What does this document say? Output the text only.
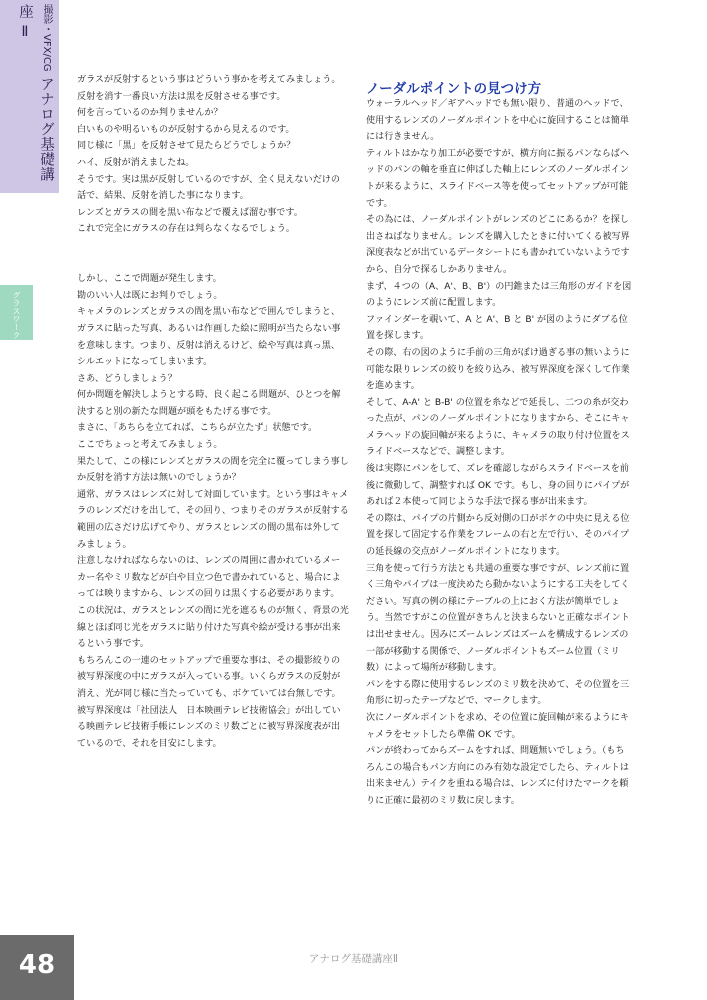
撮影・VFX/CG アナログ基礎講座 Ⅱ
グラスワーク

ガラスが反射するという事はどういう事かを考えてみましょう。

反射を消す一番良い方法は黒を反射させる事です。

何を言っているのか判りませんか？

白いものや明るいものが反射するから見えるのです。

同じ様に「黒」を反射させて見たらどうでしょうか？

ハイ、反射が消えましたね。

そうです。実は黒が反射しているのですが、全く見えないだけの話で、結果、反射を消した事になります。

レンズとガラスの間を黒い布などで覆えば溜む事です。

これで完全にガラスの存在は判らなくなるでしょう。

しかし、ここで問題が発生します。

勘のいい人は既にお判りでしょう。

キャメラのレンズとガラスの間を黒い布などで囲んでしまうと、ガラスに貼った写真、あるいは作画した絵に照明が当たらない事を意味します。つまり、反射は消えるけど、絵や写真は真っ黒、シルエットになってしまいます。

さあ、どうしましょう？

何か問題を解決しようとする時、良く起こる問題が、ひとつを解決すると別の新たな問題が頭をもたげる事です。

まさに、「あちらを立てれば、こちらが立たず」状態です。

ここでちょっと考えてみましょう。

果たして、この様にレンズとガラスの間を完全に覆ってしまう事しか反射を消す方法は無いのでしょうか？

通常、ガラスはレンズに対して対面しています。という事はキャメラのレンズだけを出して、その回り、つまりそのガラスが反射する範囲の広さだけ広げてやり、ガラスとレンズの間の黒布は外してみましょう。

注意しなければならないのは、レンズの周囲に書かれているメーカー名やミリ数などが白や目立つ色で書かれていると、場合によっては映りますから、レンズの回りは黒くする必要があります。

この状況は、ガラスとレンズの間に光を遮るものが無く、背景の光線とほぼ同じ光をガラスに貼り付けた写真や絵が受ける事が出来るという事です。

もちろんこの一連のセットアップで重要な事は、その撮影絞りの被写界深度の中にガラスが入っている事。いくらガラスの反射が消え、光が同じ様に当たっていても、ボケていては台無しです。

被写界深度は「社団法人　日本映画テレビ技術協会」が出している映画テレビ技術手帳にレンズのミリ数ごとに被写界深度表が出ているので、それを目安にします。

ノーダルポイントの見つけ方

ウォーラルヘッド／ギアヘッドでも無い限り、普通のヘッドで、使用するレンズのノーダルポイントを中心に旋回することは簡単には行きません。

ティルトはかなり加工が必要ですが、横方向に振るパンならばヘッドのパンの軸を垂直に伸ばした軸上にレンズのノーダルポイントが来るように、スライドベース等を使ってセットアップが可能です。

その為には、ノーダルポイントがレンズのどこにあるか？を探し出さねばなりません。レンズを購入したときに付いてくる被写界深度表などが出ているデータシートにも書かれていないようですから、自分で探るしかありません。

まず、４つの（A、A'、B、B'）の円錐または三角形のガイドを図のようにレンズ前に配置します。

ファインダーを覗いて、A と A'、B と B' が図のようにダブる位置を探します。

その際、右の図のように手前の三角がぼけ過ぎる事の無いように可能な限りレンズの絞りを絞り込み、被写界深度を深くして作業を進めます。

そして、A-A' と B-B' の位置を糸などで延長し、二つの糸が交わった点が、パンのノーダルポイントになりますから、そこにキャメラヘッドの旋回軸が来るように、キャメラの取り付け位置をスライドベースなどで、調整します。

後は実際にパンをして、ズレを確認しながらスライドベースを前後に微動して、調整すれば OK です。もし、身の回りにパイプがあれば２本使って同じような手法で探る事が出来ます。

その際は、パイプの片側から反対側の口がボケの中央に見える位置を探して固定する作業をフレームの右と左で行い、そのパイプの延長線の交点がノーダルポイントになります。

三角を使って行う方法とも共通の重要な事ですが、レンズ前に置く三角やパイプは一度決めたら動かないようにする工夫をしてください。写真の例の様にテーブルの上におく方法が簡単でしょう。当然ですがこの位置がきちんと決まらないと正確なポイントは出せません。因みにズームレンズはズームを構成するレンズの一部が移動する関係で、ノーダルポイントもズーム位置（ミリ数）によって場所が移動します。

パンをする際に使用するレンズのミリ数を決めて、その位置を三角形に切ったテープなどで、マークします。

次にノーダルポイントを求め、その位置に旋回軸が来るようにキャメラをセットしたら準備 OK です。

パンが終わってからズームをすれば、問題無いでしょう。（もちろんこの場合もパン方向にのみ有効な設定でしたら、ティルトは出来ません）テイクを重ねる場合は、レンズに付けたマークを頼りに正確に最初のミリ数に戻します。

48	アナログ基礎講座Ⅱ
